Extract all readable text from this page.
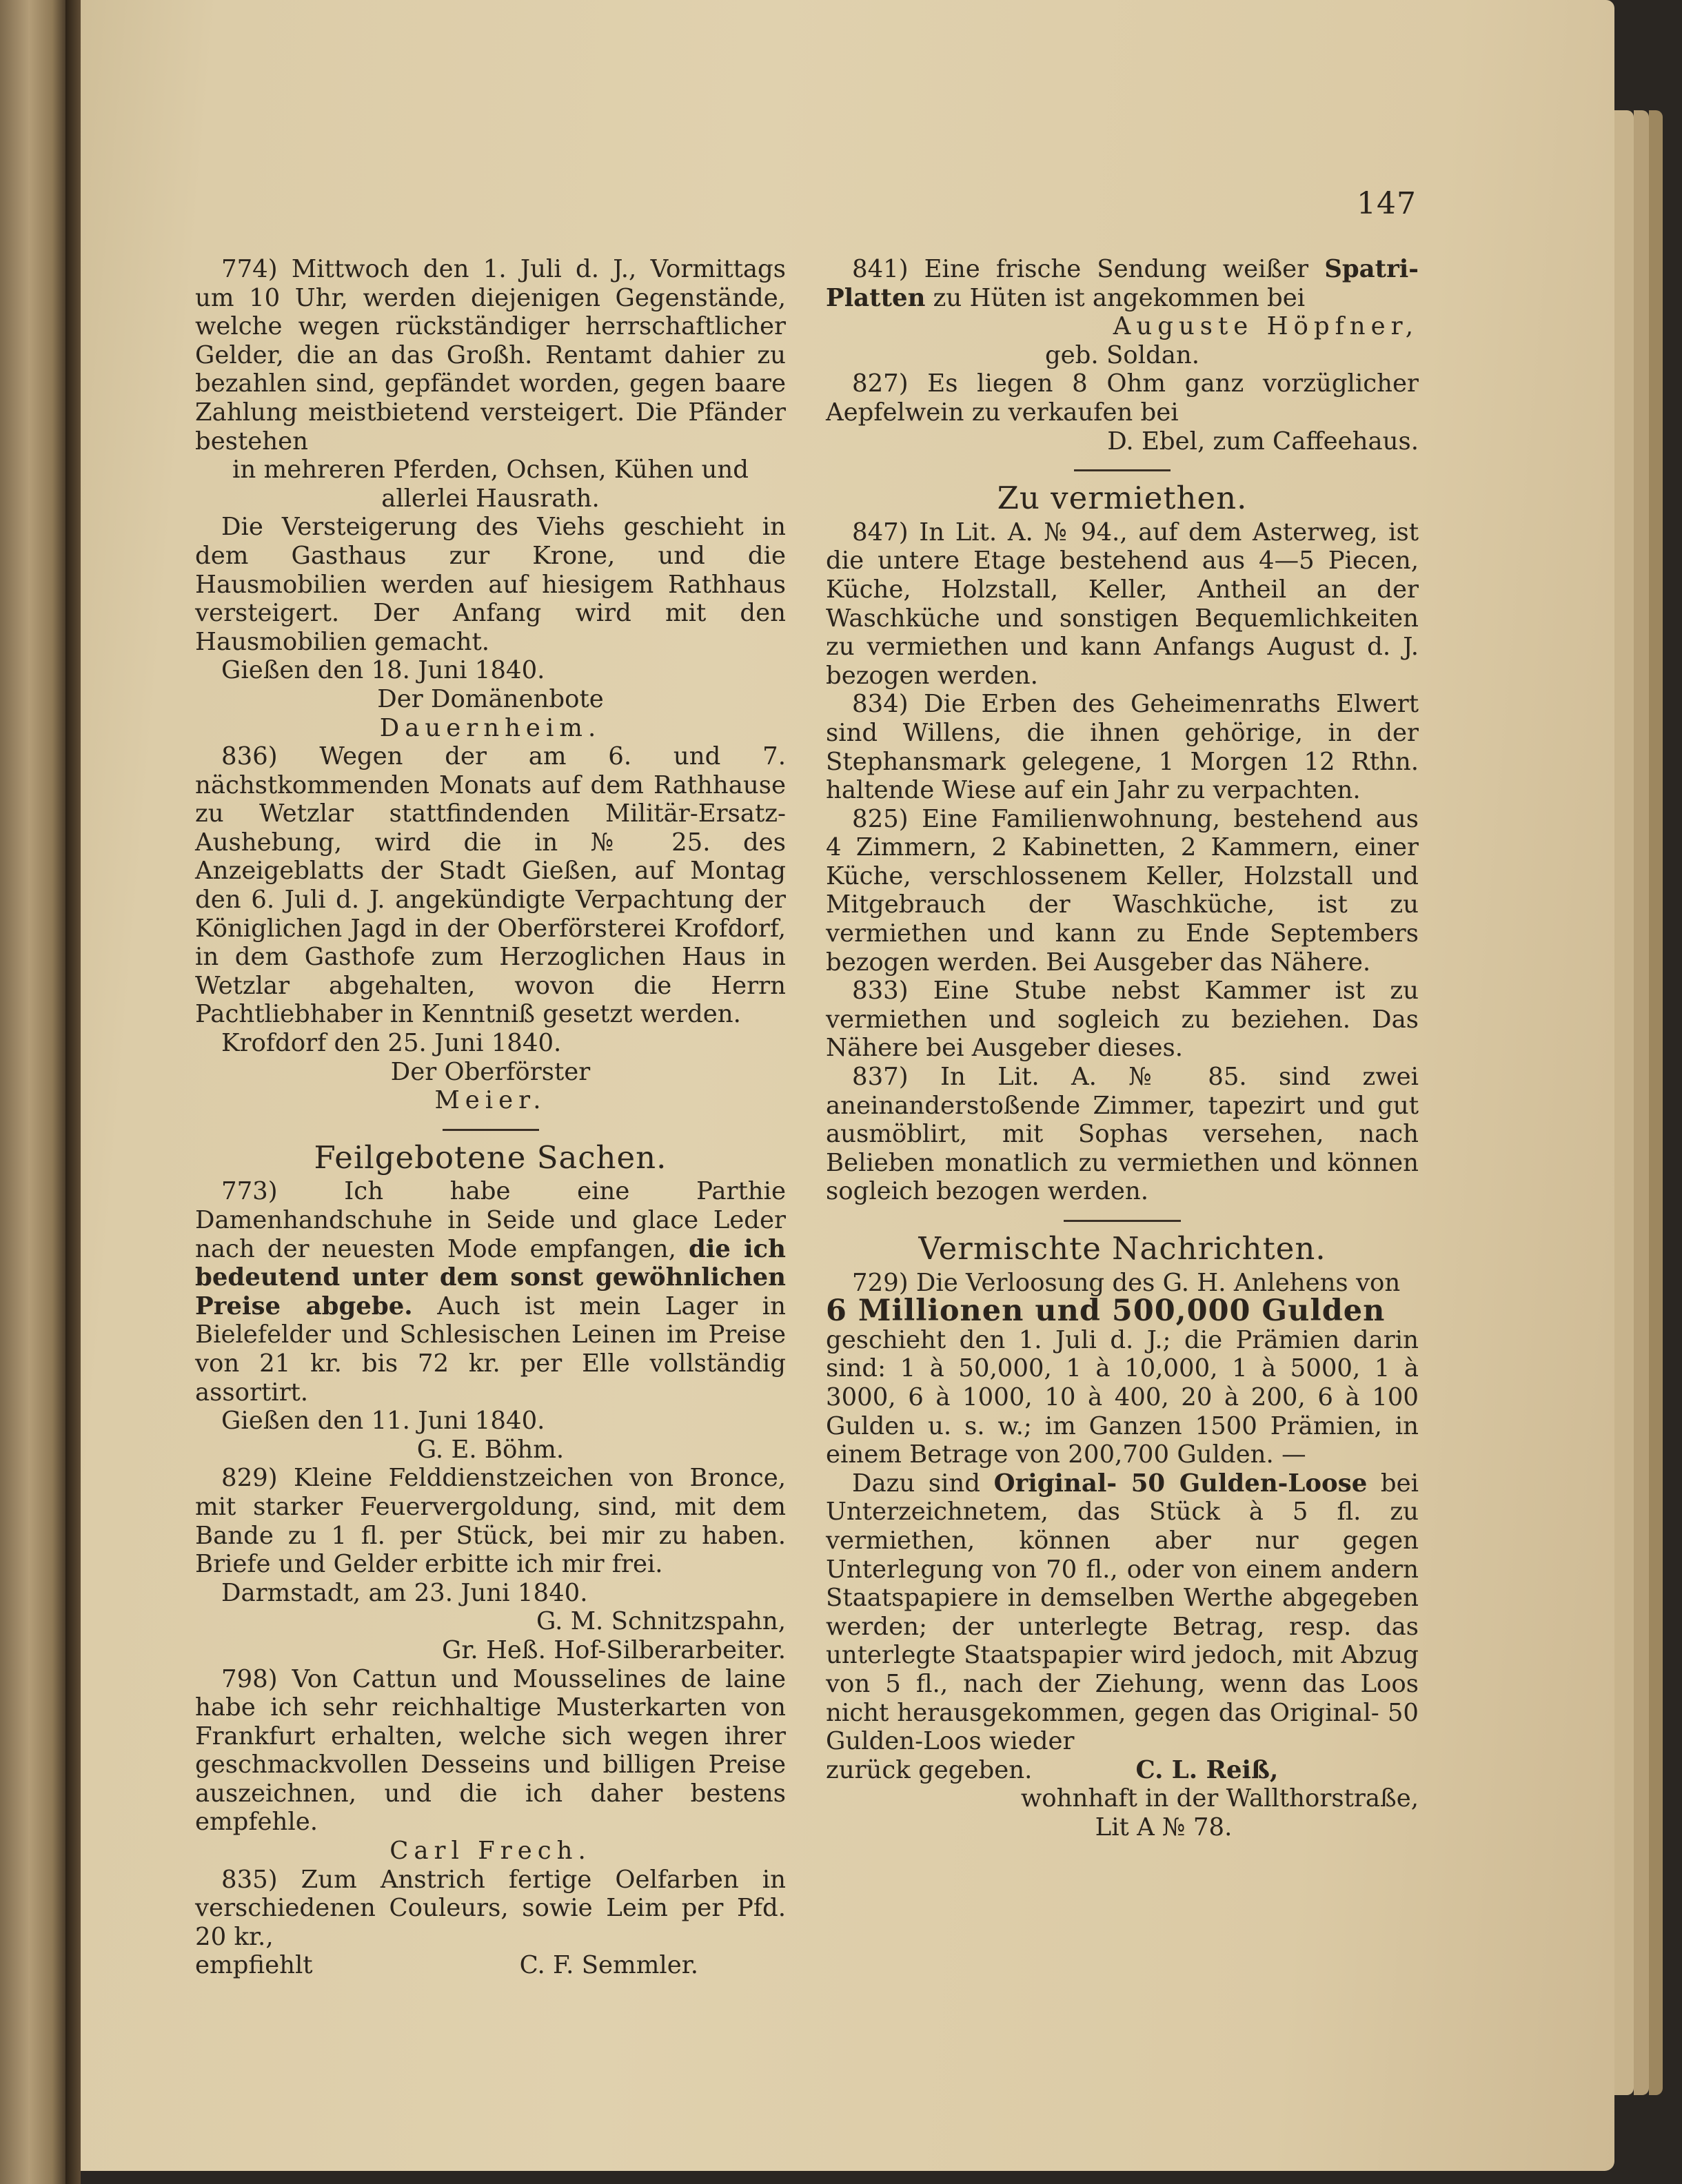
147

774) Mittwoch den 1. Juli d. J., Vormittags um 10 Uhr, werden diejenigen Gegenstände, welche wegen rückständiger herrschaftlicher Gelder, die an das Großh. Rentamt dahier zu bezahlen sind, gepfändet worden, gegen baare Zahlung meistbietend versteigert. Die Pfänder bestehen

in mehreren Pferden, Ochsen, Kühen und allerlei Hausrath.

Die Versteigerung des Viehs geschieht in dem Gasthaus zur Krone, und die Hausmobilien werden auf hiesigem Rathhaus versteigert. Der Anfang wird mit den Hausmobilien gemacht.

Gießen den 18. Juni 1840.

Der Domänenbote

Dauernheim.

836) Wegen der am 6. und 7. nächstkommenden Monats auf dem Rathhause zu Wetzlar stattfindenden Militär-Ersatz-Aushebung, wird die in № 25. des Anzeigeblatts der Stadt Gießen, auf Montag den 6. Juli d. J. angekündigte Verpachtung der Königlichen Jagd in der Oberförsterei Krofdorf, in dem Gasthofe zum Herzoglichen Haus in Wetzlar abgehalten, wovon die Herrn Pachtliebhaber in Kenntniß gesetzt werden.

Krofdorf den 25. Juni 1840.

Der Oberförster

Meier.

Feilgebotene Sachen.

773) Ich habe eine Parthie Damenhandschuhe in Seide und glace Leder nach der neuesten Mode empfangen, die ich bedeutend unter dem sonst gewöhnlichen Preise abgebe. Auch ist mein Lager in Bielefelder und Schlesischen Leinen im Preise von 21 kr. bis 72 kr. per Elle vollständig assortirt.

Gießen den 11. Juni 1840.

G. E. Böhm.

829) Kleine Felddienstzeichen von Bronce, mit starker Feuervergoldung, sind, mit dem Bande zu 1 fl. per Stück, bei mir zu haben. Briefe und Gelder erbitte ich mir frei.

Darmstadt, am 23. Juni 1840.

G. M. Schnitzspahn,

Gr. Heß. Hof-Silberarbeiter.

798) Von Cattun und Mousselines de laine habe ich sehr reichhaltige Musterkarten von Frankfurt erhalten, welche sich wegen ihrer geschmackvollen Desseins und billigen Preise auszeichnen, und die ich daher bestens empfehle.

Carl Frech.

835) Zum Anstrich fertige Oelfarben in verschiedenen Couleurs, sowie Leim per Pfd. 20 kr.,

empfiehlt	C. F. Semmler.

841) Eine frische Sendung weißer Spatri-Platten zu Hüten ist angekommen bei

Auguste Höpfner,

geb. Soldan.

827) Es liegen 8 Ohm ganz vorzüglicher Aepfelwein zu verkaufen bei

D. Ebel, zum Caffeehaus.

Zu vermiethen.

847) In Lit. A. № 94., auf dem Asterweg, ist die untere Etage bestehend aus 4—5 Piecen, Küche, Holzstall, Keller, Antheil an der Waschküche und sonstigen Bequemlichkeiten zu vermiethen und kann Anfangs August d. J. bezogen werden.

834) Die Erben des Geheimenraths Elwert sind Willens, die ihnen gehörige, in der Stephansmark gelegene, 1 Morgen 12 Rthn. haltende Wiese auf ein Jahr zu verpachten.

825) Eine Familienwohnung, bestehend aus 4 Zimmern, 2 Kabinetten, 2 Kammern, einer Küche, verschlossenem Keller, Holzstall und Mitgebrauch der Waschküche, ist zu vermiethen und kann zu Ende Septembers bezogen werden. Bei Ausgeber das Nähere.

833) Eine Stube nebst Kammer ist zu vermiethen und sogleich zu beziehen. Das Nähere bei Ausgeber dieses.

837) In Lit. A. № 85. sind zwei aneinanderstoßende Zimmer, tapezirt und gut ausmöblirt, mit Sophas versehen, nach Belieben monatlich zu vermiethen und können sogleich bezogen werden.

Vermischte Nachrichten.

729) Die Verloosung des G. H. Anlehens von

6 Millionen und 500,000 Gulden

geschieht den 1. Juli d. J.; die Prämien darin sind: 1 à 50,000, 1 à 10,000, 1 à 5000, 1 à 3000, 6 à 1000, 10 à 400, 20 à 200, 6 à 100 Gulden u. s. w.; im Ganzen 1500 Prämien, in einem Betrage von 200,700 Gulden. —

Dazu sind Original- 50 Gulden-Loose bei Unterzeichnetem, das Stück à 5 fl. zu vermiethen, können aber nur gegen Unterlegung von 70 fl., oder von einem andern Staatspapiere in demselben Werthe abgegeben werden; der unterlegte Betrag, resp. das unterlegte Staatspapier wird jedoch, mit Abzug von 5 fl., nach der Ziehung, wenn das Loos nicht herausgekommen, gegen das Original- 50 Gulden-Loos wieder

zurück gegeben.	C. L. Reiß,

wohnhaft in der Wallthorstraße,

Lit A № 78.
